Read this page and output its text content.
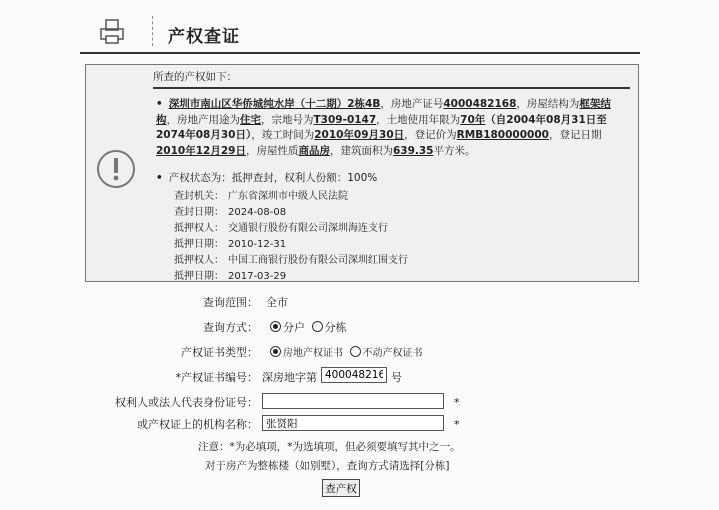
产权查证
所查的产权如下：
• 深圳市南山区华侨城纯水岸（十二期）2栋4B，房地产证号4000482168，房屋结构为框架结构，房地产用途为住宅，宗地号为T309-0147，土地使用年限为70年（自2004年08月31日至2074年08月30日），竣工时间为2010年09月30日，登记价为RMB180000000，登记日期2010年12月29日，房屋性质商品房，建筑面积为639.35平方米。
• 产权状态为：抵押查封，权利人份额：100%
查封机关： 广东省深圳市中级人民法院
查封日期： 2024-08-08
抵押权人： 交通银行股份有限公司深圳海连支行
抵押日期： 2010-12-31
抵押权人： 中国工商银行股份有限公司深圳红围支行
抵押日期： 2017-03-29
查询范围： 全市
查询方式：	分户 分栋
产权证书类型：	房地产权证书 不动产权证书
*产权证书编号： 深房地字第
4000482168	号
权利人或法人代表身份证号：	*
或产权证上的机构名称：
张贤阳	*
注意：*为必填项，*为选填项，但必须要填写其中之一。
对于房产为整栋楼（如别墅），查询方式请选择[分栋]
查产权
